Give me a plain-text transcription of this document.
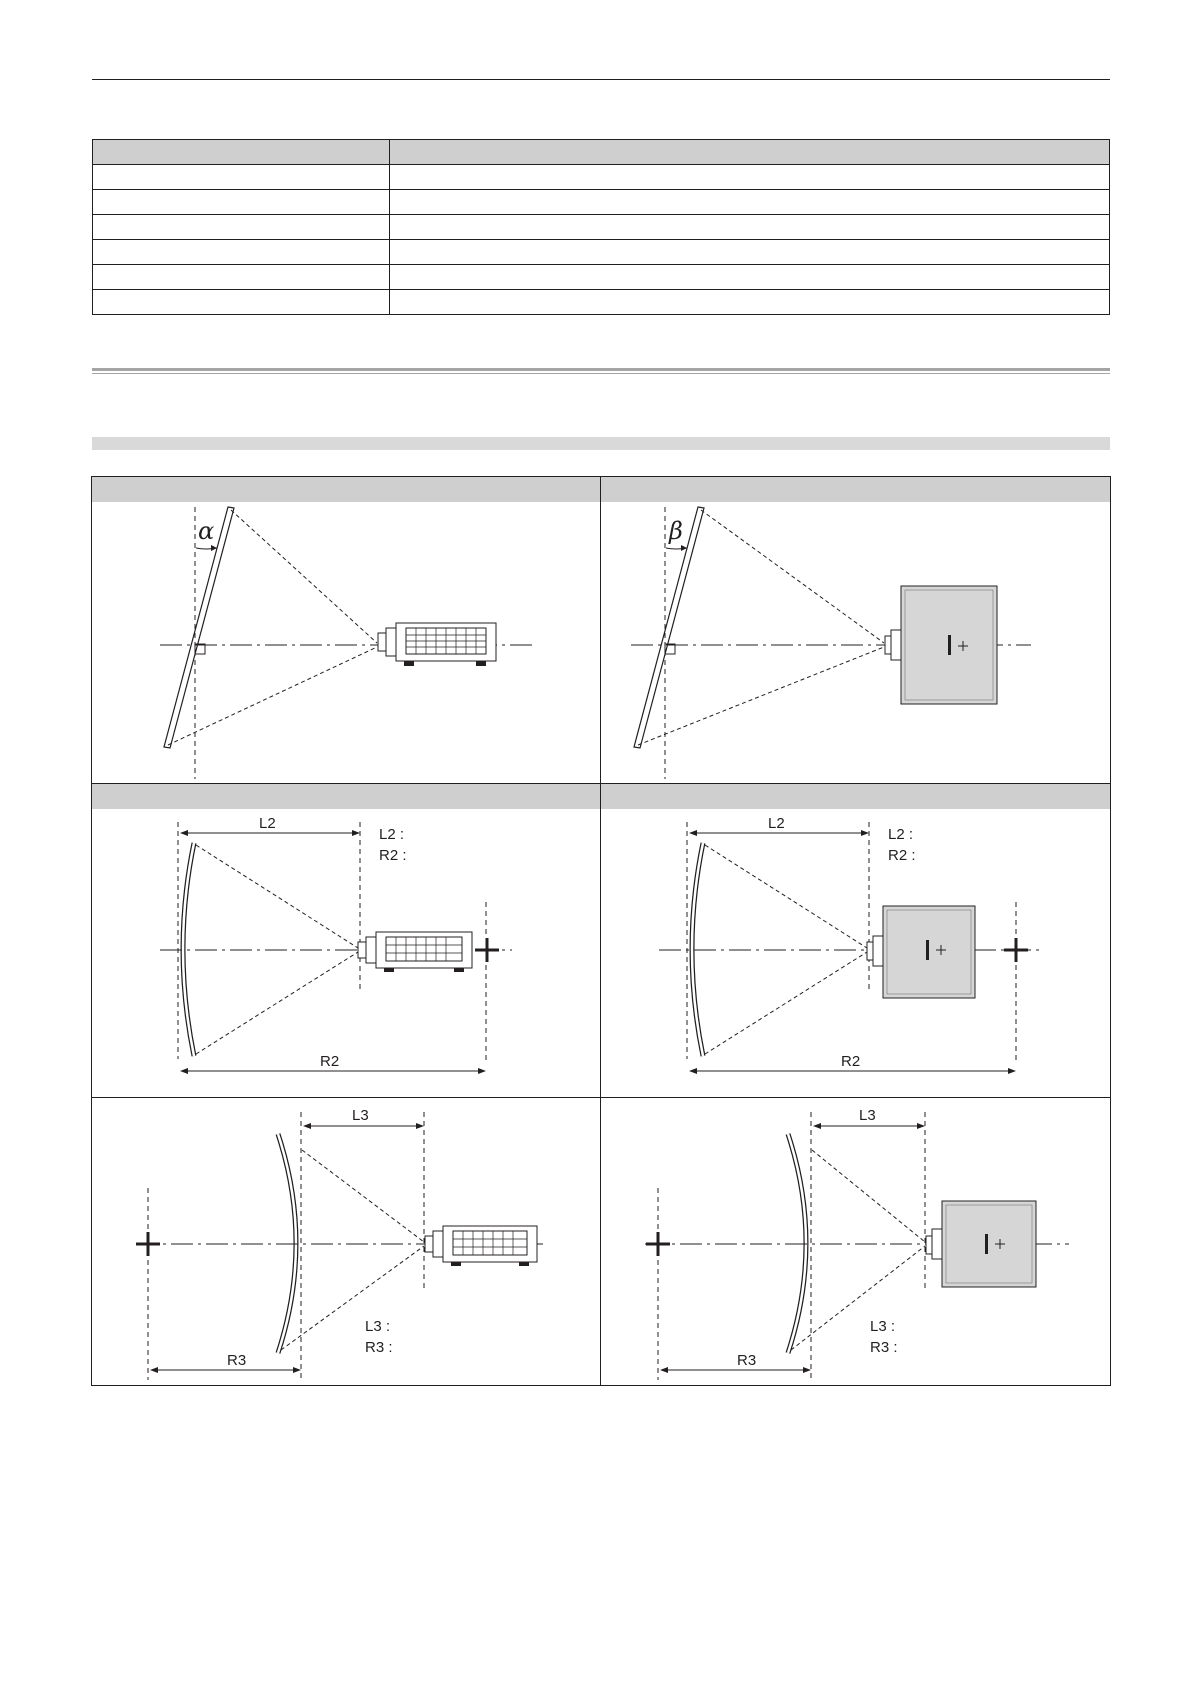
α	β
L2
L2 :
R2 :
R2
L2
L2 :
R2 :
R2
L3
L3 :
R3 :
R3
L3
L3 :
R3 :
R3
